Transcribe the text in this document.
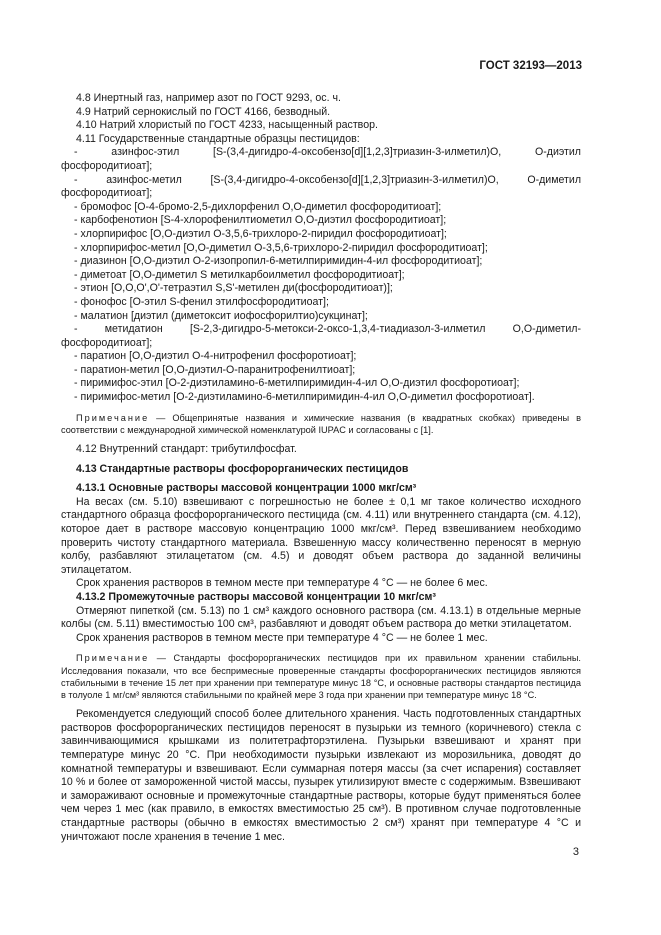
ГОСТ 32193—2013

4.8 Инертный газ, например азот по ГОСТ 9293, ос. ч.

4.9 Натрий сернокислый по ГОСТ 4166, безводный.

4.10 Натрий хлористый по ГОСТ 4233, насыщенный раствор.

4.11 Государственные стандартные образцы пестицидов:

- азинфос-этил [S-(3,4-дигидро-4-оксобензо[d][1,2,3]триазин-3-илметил)O, O-диэтил фосфородитиоат];

- азинфос-метил [S-(3,4-дигидро-4-оксобензо[d][1,2,3]триазин-3-илметил)O, O-диметил фосфородитиоат];

- бромофос [O-4-бромо-2,5-дихлорфенил O,O-диметил фосфородитиоат];

- карбофенотион [S-4-хлорофенилтиометил O,O-диэтил фосфородитиоат];

- хлорпирифос [O,O-диэтил O-3,5,6-трихлоро-2-пиридил фосфородитиоат];

- хлорпирифос-метил [O,O-диметил O-3,5,6-трихлоро-2-пиридил фосфородитиоат];

- диазинон [O,O-диэтил O-2-изопропил-6-метилпиримидин-4-ил фосфородитиоат];

- диметоат [O,O-диметил S метилкарбоилметил фосфородитиоат];

- этион [O,O,O',O'-тетраэтил S,S'-метилен ди(фосфородитиоат)];

- фонофос [O-этил S-фенил этилфосфородитиоат];

- малатион [диэтил (диметоксит иофосфорилтио)сукцинат];

- метидатион [S-2,3-дигидро-5-метокси-2-оксо-1,3,4-тиадиазол-3-илметил O,O-диметил-фосфородитиоат];

- паратион [O,O-диэтил O-4-нитрофенил фосфоротиоат];

- паратион-метил [O,O-диэтил-O-паранитрофенилтиоат];

- пиримифос-этил [O-2-диэтиламино-6-метилпиримидин-4-ил O,O-диэтил фосфоротиоат];

- пиримифос-метил [O-2-диэтиламино-6-метилпиримидин-4-ил O,O-диметил фосфоротиоат].

Примечание — Общепринятые названия и химические названия (в квадратных скобках) приведены в соответствии с международной химической номенклатурой IUPAC и согласованы с [1].

4.12 Внутренний стандарт: трибутилфосфат.

4.13 Стандартные растворы фосфорорганических пестицидов

4.13.1 Основные растворы массовой концентрации 1000 мкг/см³

На весах (см. 5.10) взвешивают с погрешностью не более ± 0,1 мг такое количество исходного стандартного образца фосфорорганического пестицида (см. 4.11) или внутреннего стандарта (см. 4.12), которое дает в растворе массовую концентрацию 1000 мкг/см³. Перед взвешиванием необходимо проверить чистоту стандартного материала. Взвешенную массу количественно переносят в мерную колбу, разбавляют этилацетатом (см. 4.5) и доводят объем раствора до заданной величины этилацетатом.

Срок хранения растворов в темном месте при температуре 4 °С — не более 6 мес.

4.13.2 Промежуточные растворы массовой концентрации 10 мкг/см³

Отмеряют пипеткой (см. 5.13) по 1 см³ каждого основного раствора (см. 4.13.1) в отдельные мерные колбы (см. 5.11) вместимостью 100 см³, разбавляют и доводят объем раствора до метки этилацетатом.

Срок хранения растворов в темном месте при температуре 4 °С — не более 1 мес.

Примечание — Стандарты фосфорорганических пестицидов при их правильном хранении стабильны. Исследования показали, что все беспримесные проверенные стандарты фосфорорганических пестицидов являются стабильными в течение 15 лет при хранении при температуре минус 18 °С, и основные растворы стандартов пестицида в толуоле 1 мг/см³ являются стабильными по крайней мере 3 года при хранении при температуре минус 18 °С.

Рекомендуется следующий способ более длительного хранения. Часть подготовленных стандартных растворов фосфорорганических пестицидов переносят в пузырьки из темного (коричневого) стекла с завинчивающимися крышками из политетрафторэтилена. Пузырьки взвешивают и хранят при температуре минус 20 °С. При необходимости пузырьки извлекают из морозильника, доводят до комнатной температуры и взвешивают. Если суммарная потеря массы (за счет испарения) составляет 10 % и более от замороженной чистой массы, пузырек утилизируют вместе с содержимым. Взвешивают и замораживают основные и промежуточные стандартные растворы, которые будут применяться более чем через 1 мес (как правило, в емкостях вместимостью 25 см³). В противном случае подготовленные стандартные растворы (обычно в емкостях вместимостью 2 см³) хранят при температуре 4 °С и уничтожают после хранения в течение 1 мес.

3
